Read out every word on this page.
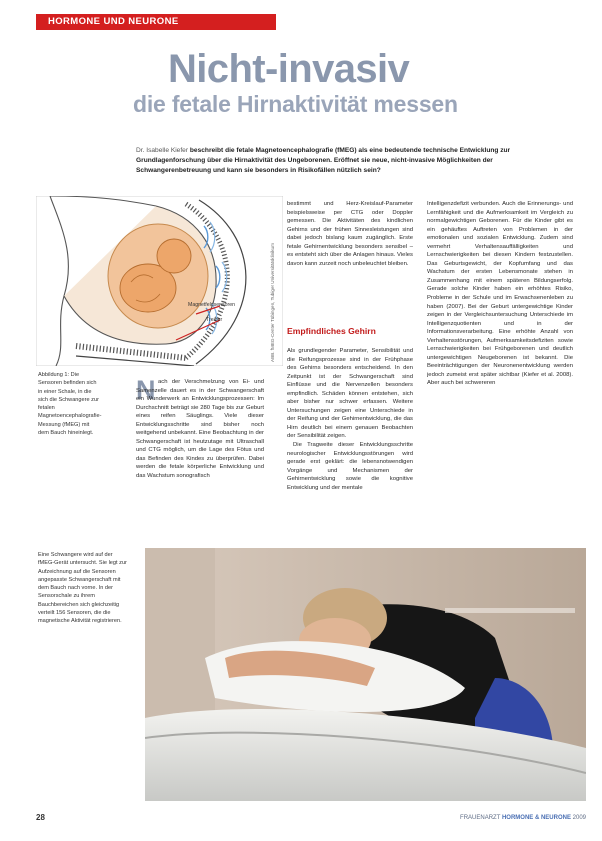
HORMONE UND NEURONE
Nicht-invasiv
die fetale Hirnaktivität messen
Dr. Isabelle Kiefer beschreibt die fetale Magnetoencephalografie (fMEG) als eine bedeutende technische Entwicklung zur Grundlagenforschung über die Hirnaktivität des Ungeborenen. Eröffnet sie neue, nicht-invasive Möglichkeiten der Schwangerenbetreuung und kann sie besonders in Risikofällen nützlich sein?
Magnetfeldsensoren
Treiber	ABB. fMEG-Center Tübingen, Tubiger Universitätsklinikum
Abbildung 1: Die Sensoren befinden sich in einer Schale, in die sich die Schwangere zur fetalen Magnetoencephalografie-Messung (fMEG) mit dem Bauch hineinlegt.
N ach der Verschmelzung von Ei- und Samenzelle dauert es in der Schwangerschaft ein Wunderwerk an Entwicklungsprozessen: Im Durchschnitt beträgt sie 280 Tage bis zur Geburt eines reifen Säuglings. Viele dieser Entwicklungsschritte sind bisher noch weitgehend unbekannt. Eine Beobachtung in der Schwangerschaft ist heutzutage mit Ultraschall und CTG möglich, um die Lage des Fötus und das Befinden des Kindes zu überprüfen. Dabei werden die fetale körperliche Entwicklung und das Wachstum sonografisch

bestimmt und Herz-Kreislauf-Parameter beispielsweise per CTG oder Doppler gemessen. Die Aktivitäten des kindlichen Gehirns und der frühen Sinnesleistungen sind dabei jedoch bislang kaum zugänglich. Erste fetale Gehirnentwicklung besonders sensibel – es entsteht sich über die Anlagen hinaus. Vieles davon kann zurzeit noch unbeleuchtet bleiben.

Empfindliches Gehirn

Als grundlegender Parameter, Sensibilität und die Reifungsprozesse sind in der Frühphase des Gehirns besonders entscheidend. In den Zeitpunkt ist der Schwangerschaft sind Einflüsse und die Nervenzellen besonders empfindlich. Schäden können entstehen, sich aber bisher nur schwer erfassen. Weitere Untersuchungen zeigen eine Unterschiede in der Reifung und der Gehirnentwicklung, die das Hirn deutlich bei einem genauen Beobachten der Sensibilität zeigen.

Die Tragweite dieser Entwicklungsschritte neurologischer Entwicklungsstörungen wird gerade erst geklärt: die lebensnotwendigen Vorgänge und Mechanismen der Gehirnentwicklung sowie die kognitive Entwicklung und der mentale

Intelligenzdefizit verbunden. Auch die Erinnerungs- und Lernfähigkeit und die Aufmerksamkeit im Vergleich zu normalgewichtigen Geborenen. Für die Kinder gibt es ein gehäuftes Auftreten von Problemen in der emotionalen und sozialen Entwicklung. Zudem sind vermehrt Verhaltensauffälligkeiten und Lernschwierigkeiten bei diesen Kindern festzustellen. Das Geburtsgewicht, der Kopfumfang und das Wachstum der ersten Lebensmonate stehen in Zusammenhang mit einem späteren Bildungserfolg. Gerade solche Kinder haben ein erhöhtes Risiko, Probleme in der Schule und im Erwachsenenleben zu haben (2007). Bei der Geburt untergewichtige Kinder zeigen in der Vergleichsuntersuchung Unterschiede im Intelligenzquotienten und in der Informationsverarbeitung. Eine erhöhte Anzahl von Verhaltensstörungen, Aufmerksamkeitsdefiziten sowie Lernschwierigkeiten bei Frühgeborenen und deutlich untergewichtigen Neugeborenen ist bekannt. Die Beeinträchtigungen der Neuronenentwicklung werden jedoch zumeist erst später sichtbar (Kiefer et al. 2008). Aber auch bei schwereren

Eine Schwangere wird auf der fMEG-Gerät untersucht. Sie legt zur Aufzeichnung auf die Sensoren angepasste Schwangerschaft mit dem Bauch nach vorne. In der Sensorschale zu ihrem Bauchbereichen sich gleichzeitig verteilt 156 Sensoren, die die magnetische Aktivität registrieren.
28	FRAUENARZT HORMONE & NEURONE 2009
